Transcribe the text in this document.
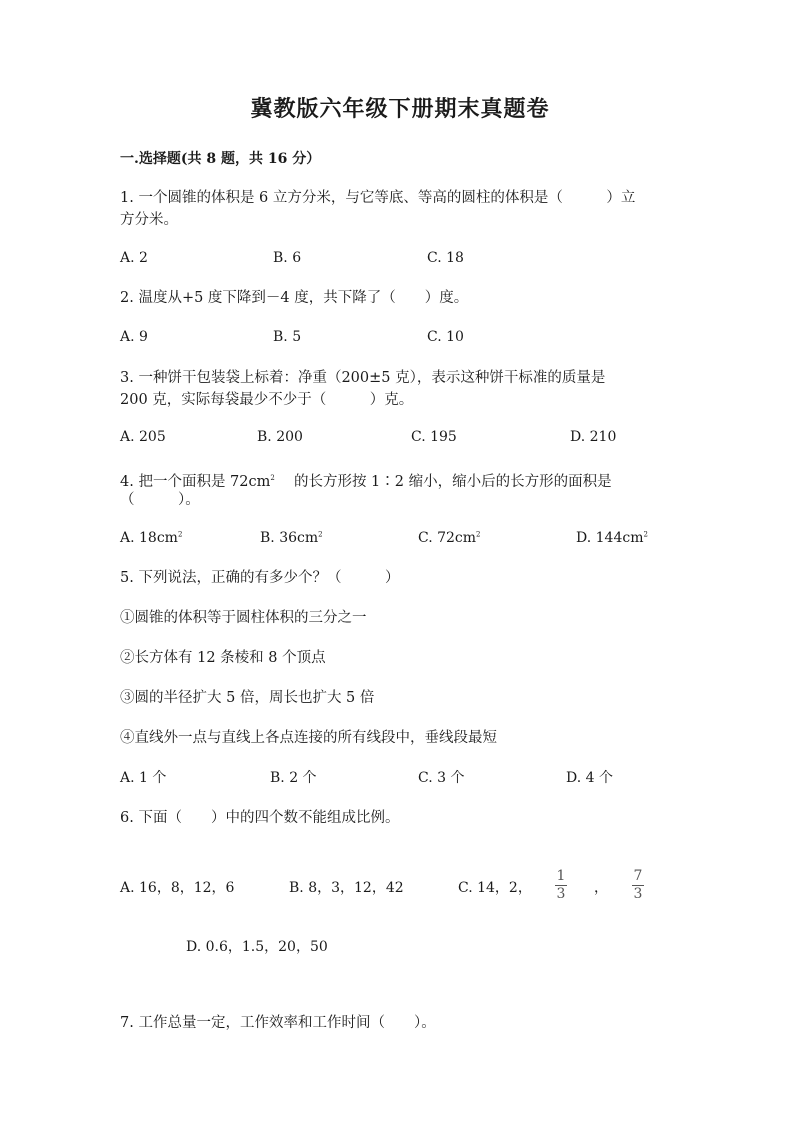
冀教版六年级下册期末真题卷
一.选择题(共 8 题，共 16 分）
1. 一个圆锥的体积是 6 立方分米，与它等底、等高的圆柱的体积是（　　　）立
方分米。
A. 2	B. 6	C. 18
2. 温度从+5 度下降到－4 度，共下降了（　　）度。
A. 9	B. 5	C. 10
3. 一种饼干包装袋上标着：净重（200±5 克），表示这种饼干标准的质量是
200 克，实际每袋最少不少于（　　　）克。
A. 205	B. 200	C. 195	D. 210
4. 把一个面积是 $72cm^2$　 的长方形按 1∶2 缩小，缩小后的长方形的面积是
（　　　）。
A. $18cm^2$	B. $36cm^2$	C. $72cm^2$	D. $144cm^2$
5. 下列说法，正确的有多少个？（　　　）
①圆锥的体积等于圆柱体积的三分之一
②长方体有 12 条棱和 8 个顶点
③圆的半径扩大 5 倍，周长也扩大 5 倍
④直线外一点与直线上各点连接的所有线段中，垂线段最短
A. 1 个	B. 2 个	C. 3 个	D. 4 个
6. 下面（　　）中的四个数不能组成比例。
A. 16，8，12，6	B. 8，3，12，42	C. 14，2，
1
3 ，
7
3
D. 0.6，1.5，20，50
7. 工作总量一定，工作效率和工作时间（　　）。
